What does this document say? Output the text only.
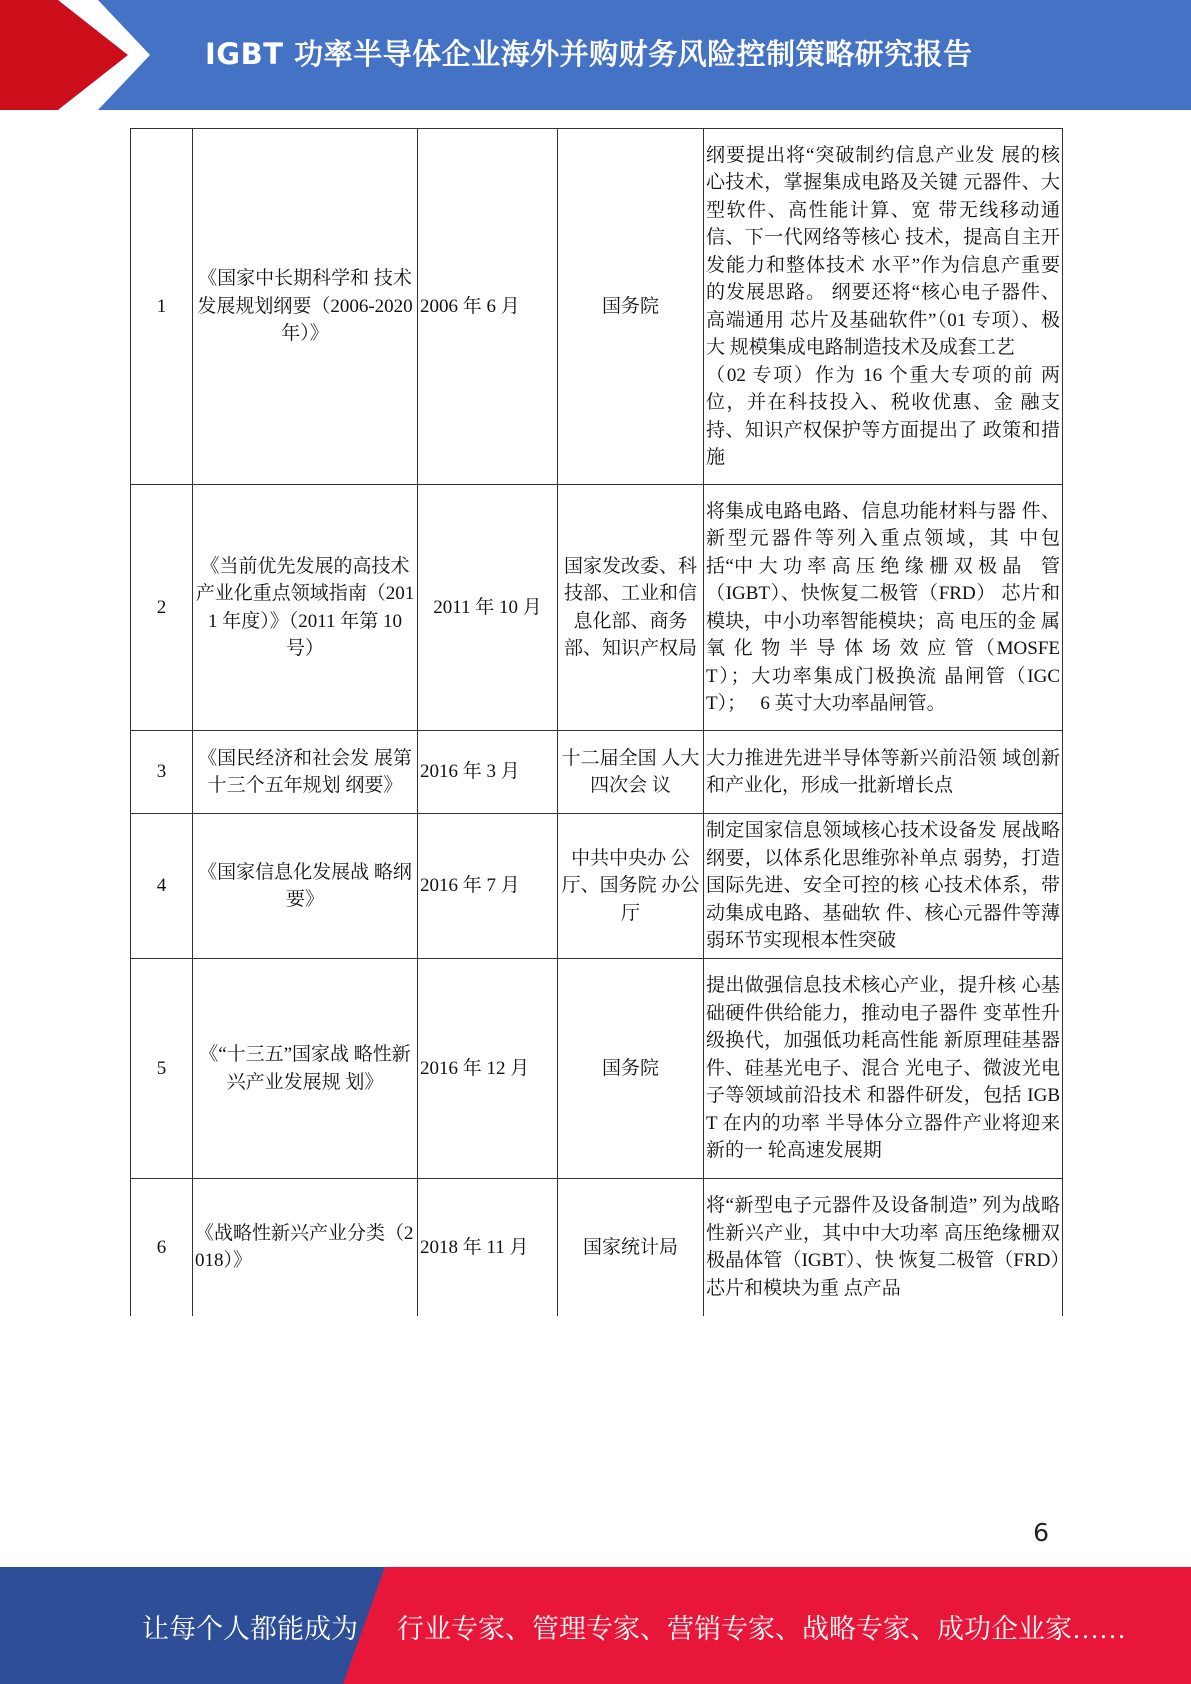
IGBT 功率半导体企业海外并购财务风险控制策略研究报告
1	《国家中长期科学和 技术发展规划纲要（2006-2020 年）》	2006 年 6 月	国务院	纲要提出将“突破制约信息产业发 展的核心技术，掌握集成电路及关键 元器件、大型软件、高性能计算、宽 带无线移动通信、下一代网络等核心 技术，提高自主开发能力和整体技术 水平”作为信息产重要的发展思路。 纲要还将“核心电子器件、高端通用 芯片及基础软件”（01 专项）、极大 规模集成电路制造技术及成套工艺
（02 专项）作为 16 个重大专项的前 两位，并在科技投入、税收优惠、金 融支持、知识产权保护等方面提出了 政策和措施

2	《当前优先发展的高技术产业化重点领域指南（2011 年度）》（2011 年第 10 号）	2011 年 10 月	国家发改委、科技部、工业和信息化部、商务部、知识产权局	将集成电路电路、信息功能材料与器 件、新型元器件等列入重点领域，其 中包括“中 大 功 率 高 压 绝 缘 栅 双 极 晶　管（IGBT）、快恢复二极管（FRD） 芯片和模块，中小功率智能模块；高 电压的金 属 氧 化 物 半 导 体 场 效 应 管（MOSFET）；大功率集成门极换流 晶闸管（IGCT）；　 6 英寸大功率晶闸管。

3	《国民经济和社会发 展第十三个五年规划 纲要》	2016 年 3 月	十二届全国 人大四次会 议	大力推进先进半导体等新兴前沿领 域创新和产业化，形成一批新增长点

4	《国家信息化发展战 略纲要》	2016 年 7 月	中共中央办 公厅、国务院 办公厅	制定国家信息领域核心技术设备发 展战略纲要，以体系化思维弥补单点 弱势，打造国际先进、安全可控的核 心技术体系，带动集成电路、基础软 件、核心元器件等薄弱环节实现根本性突破

5	《“十三五”国家战 略性新兴产业发展规 划》	2016 年 12 月	国务院	提出做强信息技术核心产业，提升核 心基础硬件供给能力，推动电子器件 变革性升级换代，加强低功耗高性能 新原理硅基器件、硅基光电子、混合 光电子、微波光电子等领域前沿技术 和器件研发，包括 IGBT 在内的功率 半导体分立器件产业将迎来新的一 轮高速发展期

6	《战略性新兴产业分类（2018）》	2018 年 11 月	国家统计局	将“新型电子元器件及设备制造” 列为战略性新兴产业，其中中大功率 高压绝缘栅双极晶体管（IGBT）、快 恢复二极管（FRD）芯片和模块为重 点产品
6
让每个人都能成为 行业专家、管理专家、营销专家、战略专家、成功企业家……
